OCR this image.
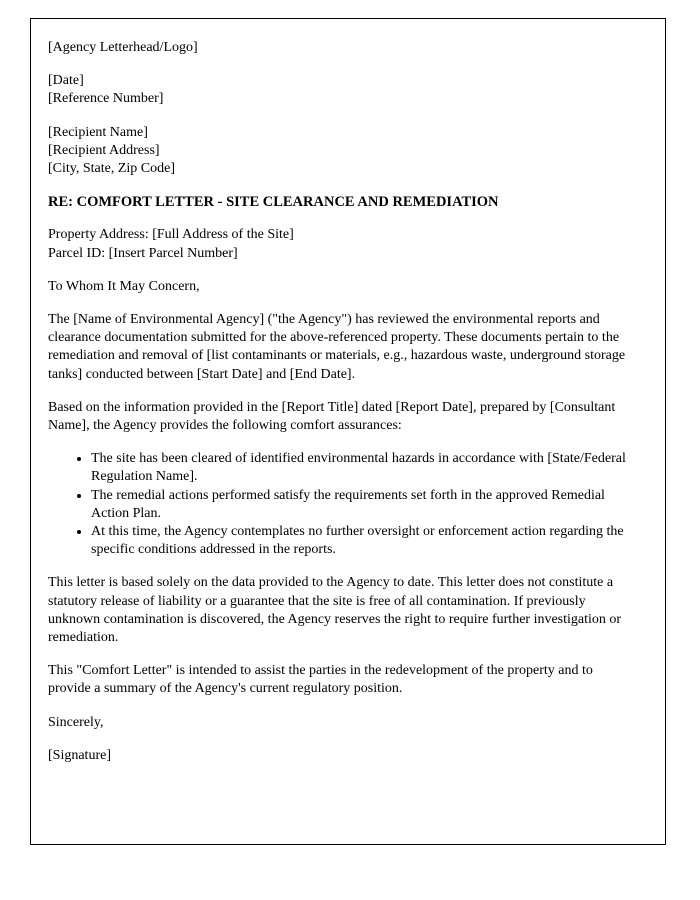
[Agency Letterhead/Logo]

[Date]

[Reference Number]

[Recipient Name]

[Recipient Address]

[City, State, Zip Code]

RE: COMFORT LETTER - SITE CLEARANCE AND REMEDIATION

Property Address: [Full Address of the Site]

Parcel ID: [Insert Parcel Number]

To Whom It May Concern,

The [Name of Environmental Agency] ("the Agency") has reviewed the environmental reports and clearance documentation submitted for the above-referenced property. These documents pertain to the remediation and removal of [list contaminants or materials, e.g., hazardous waste, underground storage tanks] conducted between [Start Date] and [End Date].

Based on the information provided in the [Report Title] dated [Report Date], prepared by [Consultant Name], the Agency provides the following comfort assurances:

• The site has been cleared of identified environmental hazards in accordance with [State/Federal Regulation Name].
• The remedial actions performed satisfy the requirements set forth in the approved Remedial Action Plan.
• At this time, the Agency contemplates no further oversight or enforcement action regarding the specific conditions addressed in the reports.

This letter is based solely on the data provided to the Agency to date. This letter does not constitute a statutory release of liability or a guarantee that the site is free of all contamination. If previously unknown contamination is discovered, the Agency reserves the right to require further investigation or remediation.

This "Comfort Letter" is intended to assist the parties in the redevelopment of the property and to provide a summary of the Agency's current regulatory position.

Sincerely,

[Signature]
